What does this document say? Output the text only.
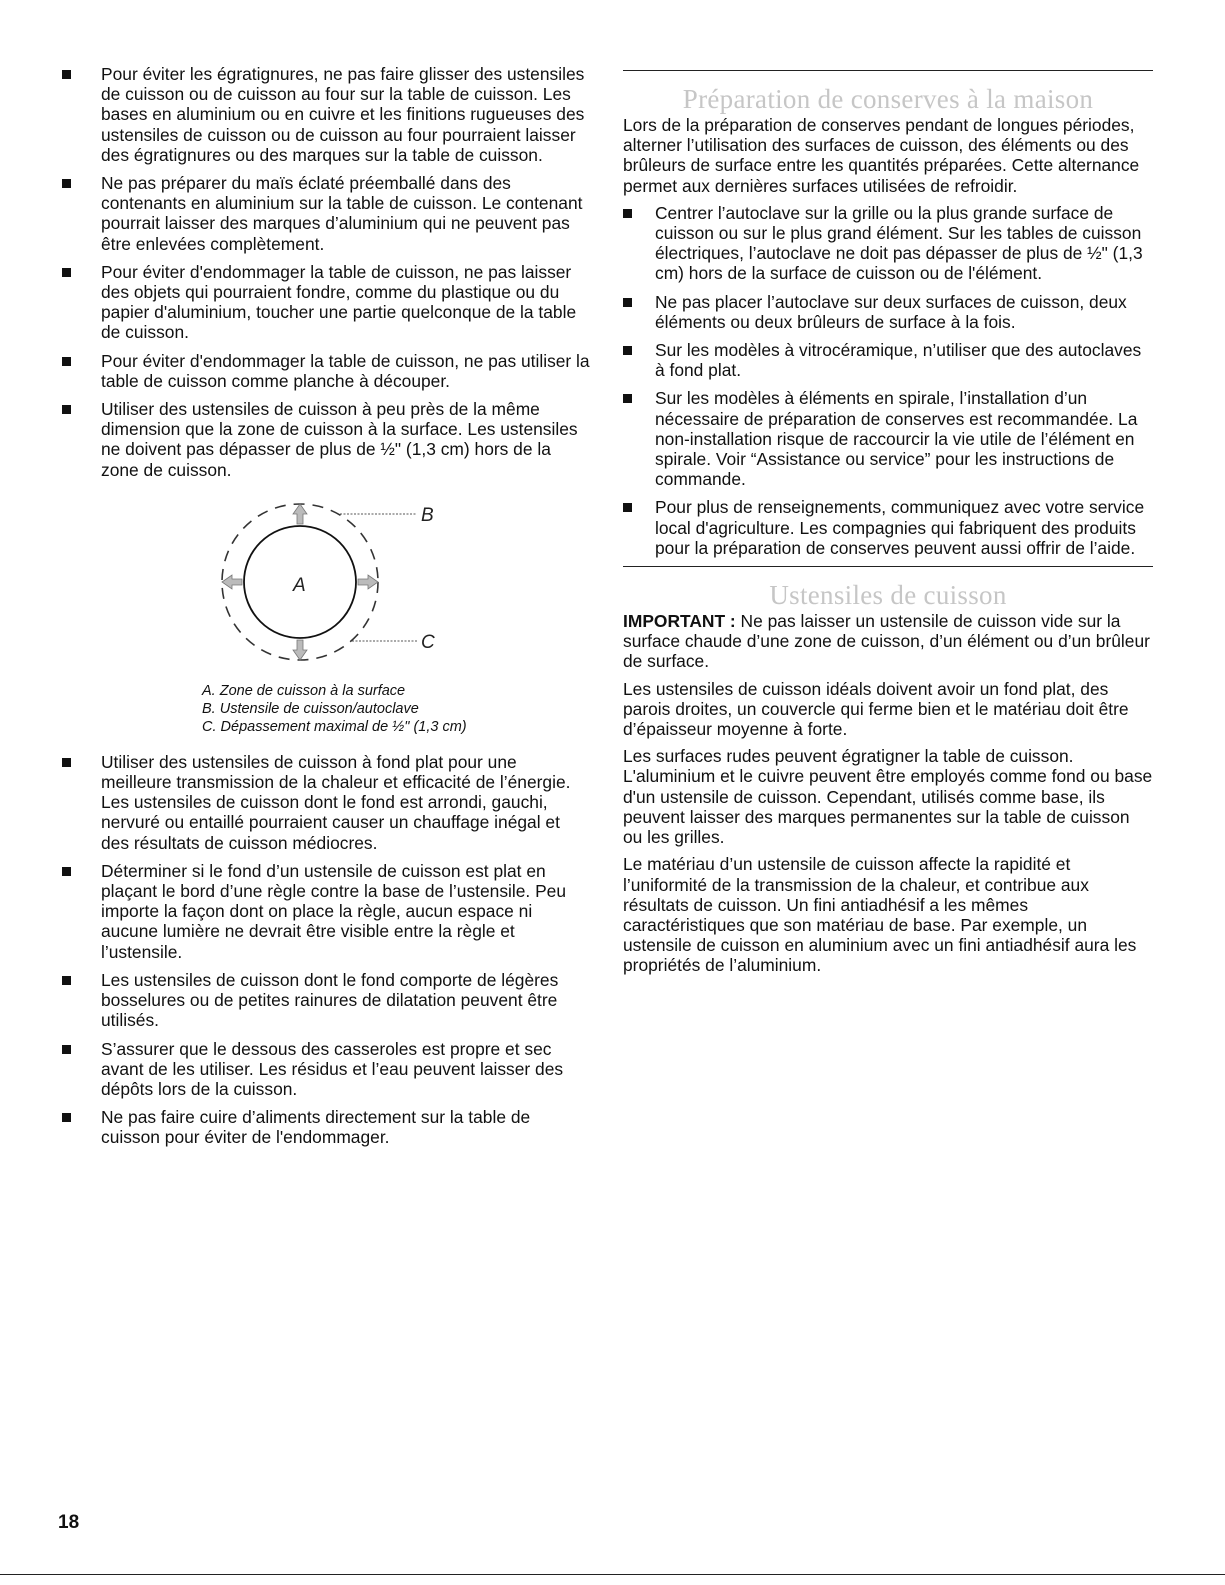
Pour éviter les égratignures, ne pas faire glisser des ustensiles de cuisson ou de cuisson au four sur la table de cuisson. Les bases en aluminium ou en cuivre et les finitions rugueuses des ustensiles de cuisson ou de cuisson au four pourraient laisser des égratignures ou des marques sur la table de cuisson.
Ne pas préparer du maïs éclaté préemballé dans des contenants en aluminium sur la table de cuisson. Le contenant pourrait laisser des marques d’aluminium qui ne peuvent pas être enlevées complètement.
Pour éviter d'endommager la table de cuisson, ne pas laisser des objets qui pourraient fondre, comme du plastique ou du papier d'aluminium, toucher une partie quelconque de la table de cuisson.
Pour éviter d'endommager la table de cuisson, ne pas utiliser la table de cuisson comme planche à découper.
Utiliser des ustensiles de cuisson à peu près de la même dimension que la zone de cuisson à la surface. Les ustensiles ne doivent pas dépasser de plus de ½" (1,3 cm) hors de la zone de cuisson.
A
B
C
A. Zone de cuisson à la surface
B. Ustensile de cuisson/autoclave
C. Dépassement maximal de ½" (1,3 cm)
Utiliser des ustensiles de cuisson à fond plat pour une meilleure transmission de la chaleur et efficacité de l’énergie. Les ustensiles de cuisson dont le fond est arrondi, gauchi, nervuré ou entaillé pourraient causer un chauffage inégal et des résultats de cuisson médiocres.
Déterminer si le fond d’un ustensile de cuisson est plat en plaçant le bord d’une règle contre la base de l’ustensile. Peu importe la façon dont on place la règle, aucun espace ni aucune lumière ne devrait être visible entre la règle et l’ustensile.
Les ustensiles de cuisson dont le fond comporte de légères bosselures ou de petites rainures de dilatation peuvent être utilisés.
S’assurer que le dessous des casseroles est propre et sec avant de les utiliser. Les résidus et l’eau peuvent laisser des dépôts lors de la cuisson.
Ne pas faire cuire d’aliments directement sur la table de cuisson pour éviter de l'endommager.
Préparation de conserves à la maison

Lors de la préparation de conserves pendant de longues périodes, alterner l’utilisation des surfaces de cuisson, des éléments ou des brûleurs de surface entre les quantités préparées. Cette alternance permet aux dernières surfaces utilisées de refroidir.

Centrer l’autoclave sur la grille ou la plus grande surface de cuisson ou sur le plus grand élément. Sur les tables de cuisson électriques, l’autoclave ne doit pas dépasser de plus de ½" (1,3 cm) hors de la surface de cuisson ou de l'élément.
Ne pas placer l’autoclave sur deux surfaces de cuisson, deux éléments ou deux brûleurs de surface à la fois.
Sur les modèles à vitrocéramique, n’utiliser que des autoclaves à fond plat.
Sur les modèles à éléments en spirale, l’installation d’un nécessaire de préparation de conserves est recommandée. La non-installation risque de raccourcir la vie utile de l’élément en spirale. Voir “Assistance ou service” pour les instructions de commande.
Pour plus de renseignements, communiquez avec votre service local d'agriculture. Les compagnies qui fabriquent des produits pour la préparation de conserves peuvent aussi offrir de l’aide.
Ustensiles de cuisson

IMPORTANT : Ne pas laisser un ustensile de cuisson vide sur la surface chaude d’une zone de cuisson, d’un élément ou d’un brûleur de surface.

Les ustensiles de cuisson idéals doivent avoir un fond plat, des parois droites, un couvercle qui ferme bien et le matériau doit être d’épaisseur moyenne à forte.

Les surfaces rudes peuvent égratigner la table de cuisson. L'aluminium et le cuivre peuvent être employés comme fond ou base d'un ustensile de cuisson. Cependant, utilisés comme base, ils peuvent laisser des marques permanentes sur la table de cuisson ou les grilles.

Le matériau d’un ustensile de cuisson affecte la rapidité et l’uniformité de la transmission de la chaleur, et contribue aux résultats de cuisson. Un fini antiadhésif a les mêmes caractéristiques que son matériau de base. Par exemple, un ustensile de cuisson en aluminium avec un fini antiadhésif aura les propriétés de l’aluminium.

18
